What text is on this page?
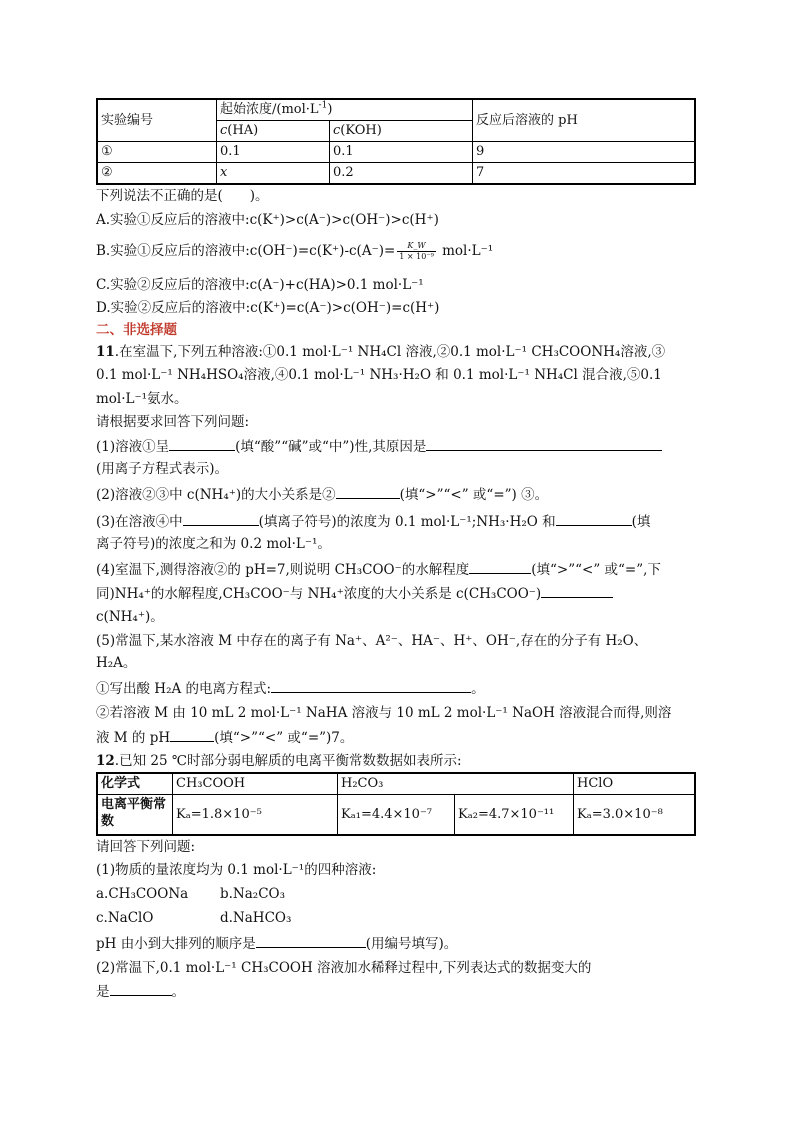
实验编号	起始浓度$/(mol\cdot L^{-1})$		反应后溶液的 pH
	c(HA)	c(KOH)	
①	0.1	0.1	9
②	x	0.2	7

下列说法不正确的是(　　)。

A.实验①反应后的溶液中:c(K⁺)>c(A⁻)>c(OH⁻)>c(H⁺)

B.实验①反应后的溶液中:c(OH⁻)=c(K⁺)-c(A⁻)= $\frac{K\_W}{\text{1 × 10⁻⁹}} mol\cdot L^{-1}$

C.实验②反应后的溶液中:c(A⁻)+c(HA)>0.1 mol·L⁻¹

D.实验②反应后的溶液中:c(K⁺)=c(A⁻)>c(OH⁻)=c(H⁺)

二、非选择题

11.在室温下,下列五种溶液:①0.1 mol·L⁻¹ NH₄Cl 溶液,②0.1 mol·L⁻¹ CH₃COONH₄溶液,③

0.1 mol·L⁻¹ NH₄HSO₄溶液,④0.1 mol·L⁻¹ NH₃·H₂O 和 0.1 mol·L⁻¹ NH₄Cl 混合液,⑤0.1

mol·L⁻¹氨水。

请根据要求回答下列问题:

(1)溶液①呈	(填“酸”“碱”或“中”)性,其原因是

(用离子方程式表示)。

(2)溶液②③中 c(NH₄⁺)的大小关系是②	(填“>”“<” 或“=”) ③。

(3)在溶液④中	(填离子符号)的浓度为 0.1 mol·L⁻¹;NH₃·H₂O 和	(填

离子符号)的浓度之和为 0.2 mol·L⁻¹。

(4)室温下,测得溶液②的 pH=7,则说明 CH₃COO⁻的水解程度	(填“>”“<” 或“=”,下

同)NH₄⁺的水解程度,CH₃COO⁻与 NH₄⁺浓度的大小关系是 c(CH₃COO⁻)

c(NH₄⁺)。

(5)常温下,某水溶液 M 中存在的离子有 Na⁺、A²⁻、HA⁻、H⁺、OH⁻,存在的分子有 H₂O、

H₂A。

①写出酸 H₂A 的电离方程式:	。

②若溶液 M 由 10 mL 2 mol·L⁻¹ NaHA 溶液与 10 mL 2 mol·L⁻¹ NaOH 溶液混合而得,则溶

液 M 的 pH	(填“>”“<” 或“=”)7。

12.已知 25 ℃时部分弱电解质的电离平衡常数数据如表所示:

化学式	CH₃COOH	H₂CO₃		HClO
电离平衡常数	Kₐ=1.8×10⁻⁵	Kₐ₁=4.4×10⁻⁷	Kₐ₂=4.7×10⁻¹¹	Kₐ=3.0×10⁻⁸

请回答下列问题:

(1)物质的量浓度均为 0.1 mol·L⁻¹的四种溶液:

a.CH₃COONa b.Na₂CO₃

c.NaClO	d.NaHCO₃

pH 由小到大排列的顺序是	(用编号填写)。

(2)常温下,0.1 mol·L⁻¹ CH₃COOH 溶液加水稀释过程中,下列表达式的数据变大的

是	。
